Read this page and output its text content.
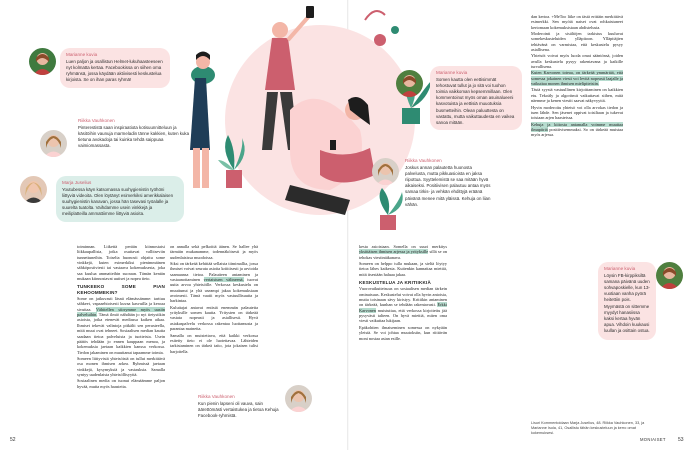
Marianne kuvia
Luen paljon ja osallistun Helmet-lukuhaasteeseen nyt kolmatta kertaa. Facebookissa on siihen oma ryhmänsä, jossa käydään aktiivisesti keskustelua kirjoista. Se on ihan paras ryhmä!
Riikka Vauhkonen
Pinterestistä saan inspiraatiota kotisuunnitteluun ja käsitöihin vaunuja marmeladin tänne kakkien, kuten kuka tietuna avokadoja tai kuinka tehdä saippuaa vaimiomassasta.
Marja Juselius
Youtubessa käyn katsomassa suohygienistin työhöni liittyviä videoita. Olen löytänyt esimerkiksi amerikkalaisen suuhygienistin kanavan, jossa hän tasevasi työalalle ja suurelta tuatolta. Vaihdamme usein vinkkejä ja meiliplatteilla ammattiimme liittyviä asioita.
Marianne kuvia
Somen kautta olen eettisimmät tehostuvat tullut ja jo sitä voi tuohon toimia vaikkoman kepsemmillaan. Olen kommentoinut myös oman asuinalueeni kasvotuista ja eettisiä muuotuksia busmetteihin. Olean paluuttesta on vastattu, mutta vaikuttaudesta en vaikea sanoa mitään.
Riikka Vauhkonen
Joskus annan palautetta huonosta palvelusta, mutta pikkuasioista en jaksa riipottua. Syyttelemistä se saa mitään hyvä aikaiseksi. Positiivisen palautuu antaa myös samaa tirkis- ja vehkän ehdittyjä eräänä päivänä menee mitä yläissä. Kehuja on liian vähän.
Riikka Vauhkonen
Kun pienin lapseni oli vauva, sain äärettömästi vertaistukea ja tietoa Kehuja Facebook-ryhmistä.
Marianne kuvia
Löysin FB-kirppiksiltä samana päivänä uuden sohvaposkielle, kun 13-vuotiaan vanha pyörä heitettiin pois. Myymästä on sittemme myydyt hanasiissa kaksi kertaa hyvän apua. Vihdoin kuukausi luullan ja osittain ostua.

toiminnan. Liikettä perään kiinnostaisi liikkaupallisia, jotka osuttavat vallitseviin tunnettuneihin. Toiselta huonosti ohjattu some vinkkejä, kuten esimerkiksi pienimmäinen sähköpostiviesti tai vastaava kokemuksesta, joka saa kuulua ammatteihin suoraan. Tämän kentän mukaan kiinnostavat uutiset ja nopea tieto.

TUNKEEKO SOME PIAN KEHOOMMEKIN?

Some on jatkuvasti läsnä elämässämme: tarttuu sähkeet, vapaaehtoisesti kuvaa kasvuilla ja keroaa sivuttaa. Vähitellen siirrymme myös uusiin palveluihin. Tämä ilmiö nähdään jo nyt tietystikin asioista, jotka etenevät mediassa kaiken aikaa. Ihmiset tekevät valintoja pitkälti sen perusteella, mitä muut ovat tehneet. Sosiaalisen median kautta saadaan tietoa palveluista ja tuotteista. Usein päätös tehdään jo ennen kauppaan menoa, ja kokemuksia jaetaan kaikkien kanssa verkossa. Tiedon jakaminen on muuttanut tapaamme toimia.

Someen liittyvistä yhteisöistä on tullut merkittävä osa monen ihmisen arkea. Ryhmissä jaetaan vinkkejä, kysymyksiä ja vastauksia. Samalla syntyy uudenlaista yhteisöllisyyttä.

Sosiaalinen media on tuonut elämäämme paljon hyvää, mutta myös haasteita.

on annalla sekä pelkoittä äänen. Se hallee yhä tärmäin mukanamme, todennäköisesti ja myös uudenlaisissa muodoissa.

Siksi on tärkeää kehittää sellaista tiimimallia, jossa ihmiset voivat seurata asioita kriittisesti ja arvioida saamaansa tietoa. Palautteen antaminen ja vastaanottaminen vertaistuen välineenä, tuovat uutta arvoa yhteisöille. Verkossa keskustelu on muuttunut ja yhä useampi jakaa kokemuksiaan avoimesti. Tämä vaatii myös vastuullisuutta ja harkintaa.

Kuluttajat antavat entistä enemmän palautetta yrityksille somen kautta. Yritysten on tärkeää vastata nopeasti ja asiallisesti. Hyvä asiakaspalvelu verkossa rakentaa luottamusta ja parantaa mainetta.

Samalla on muistettava, että kaikki verkossa esitetty tieto ei ole luotettavaa. Lähteiden tarkistaminen on tärkeä taito, jota jokaisen tulisi harjoitella.

kesta asioistaan. Somella on suuri merkitys yksittäisen ihmisen arjessa ja yrityksille sillä se on tehokas viestintäkanava.

Someen on helppo tulla mukaan, ja sieltä löytyy tietoa lähes kaikesta. Kuitenkin kannattaa miettiä, mitä itsestään haluaa jakaa.

KESKUSTELUA JA KRITIIKKIÄ

Vuorovaikutteisuus on sosiaalisen median tärkein ominaisuus. Keskustelut voivat olla hyvin antoisia, mutta toisinaan sävy kiristyy. Kritiikin antaminen on tärkeää, kunhan se tehdään rakentavasti. Erkki Karvonen muistuttaa, että verkossa kirjoitettu jää pysyvästi talteen. On hyvä miettiä, miten oma viesti vaikuttaa lukijaan.

Epäkohtien ilmaiseminen somessa on nykyään yleistä. Se voi johtaa muutoksiin, kun riittävän moni nostaa asian esille.

dan kertoa. +MeToo liike on tästä erittäin merkittävä esimerkki. Sen myötä naiset ovat rohkaistuneet kertomaan kokemuksistaan ahdistelusta.

Moderointi ja sisältöjen tarkistus kuuluvat somekeskusteluiden ylläpitoon. Ylläpitäjien tehtävänä on varmistaa, että keskustelu pysyy asiallisena.

Yhteisöt voivat myös luoda omat sääntönsä, joiden avulla keskustelu pysyy rakentavana ja kaikille turvallisena.

Kuten Karvonen toteaa, on tärkeää ymmärtää, että somessa jokainen viesti voi levitä nopeasti laajalle ja vaikuttaa monen ihmisen mielipiteisiin.

Tästä syystä vastuullinen kirjoittaminen on kaikkien etu. Tekoäly ja algoritmit vaikuttavat siihen, mitä näemme ja kenen viestit saavat näkyvyyttä.

Hyvin moderoitu yhteisö voi olla arvokas tiedon ja tuen lähde. Sen jäsenet oppivat toisiltaan ja tukevat toisiaan arjen haasteissa.

Kehuja ja kiitosta antamalla voimme muuttaa ilmapiiriä positiivisemmaksi. So on tärkeää muistaa myös arjessa.

Lisuri Kommentoidaan Marja Juselius, 48. Riikka Vauhkonen, 33, ja Marianne Isola, 41, Osallistu tähän keskusteluun ja kerro omat kokemuksesi.
52	MONIAISET 53
